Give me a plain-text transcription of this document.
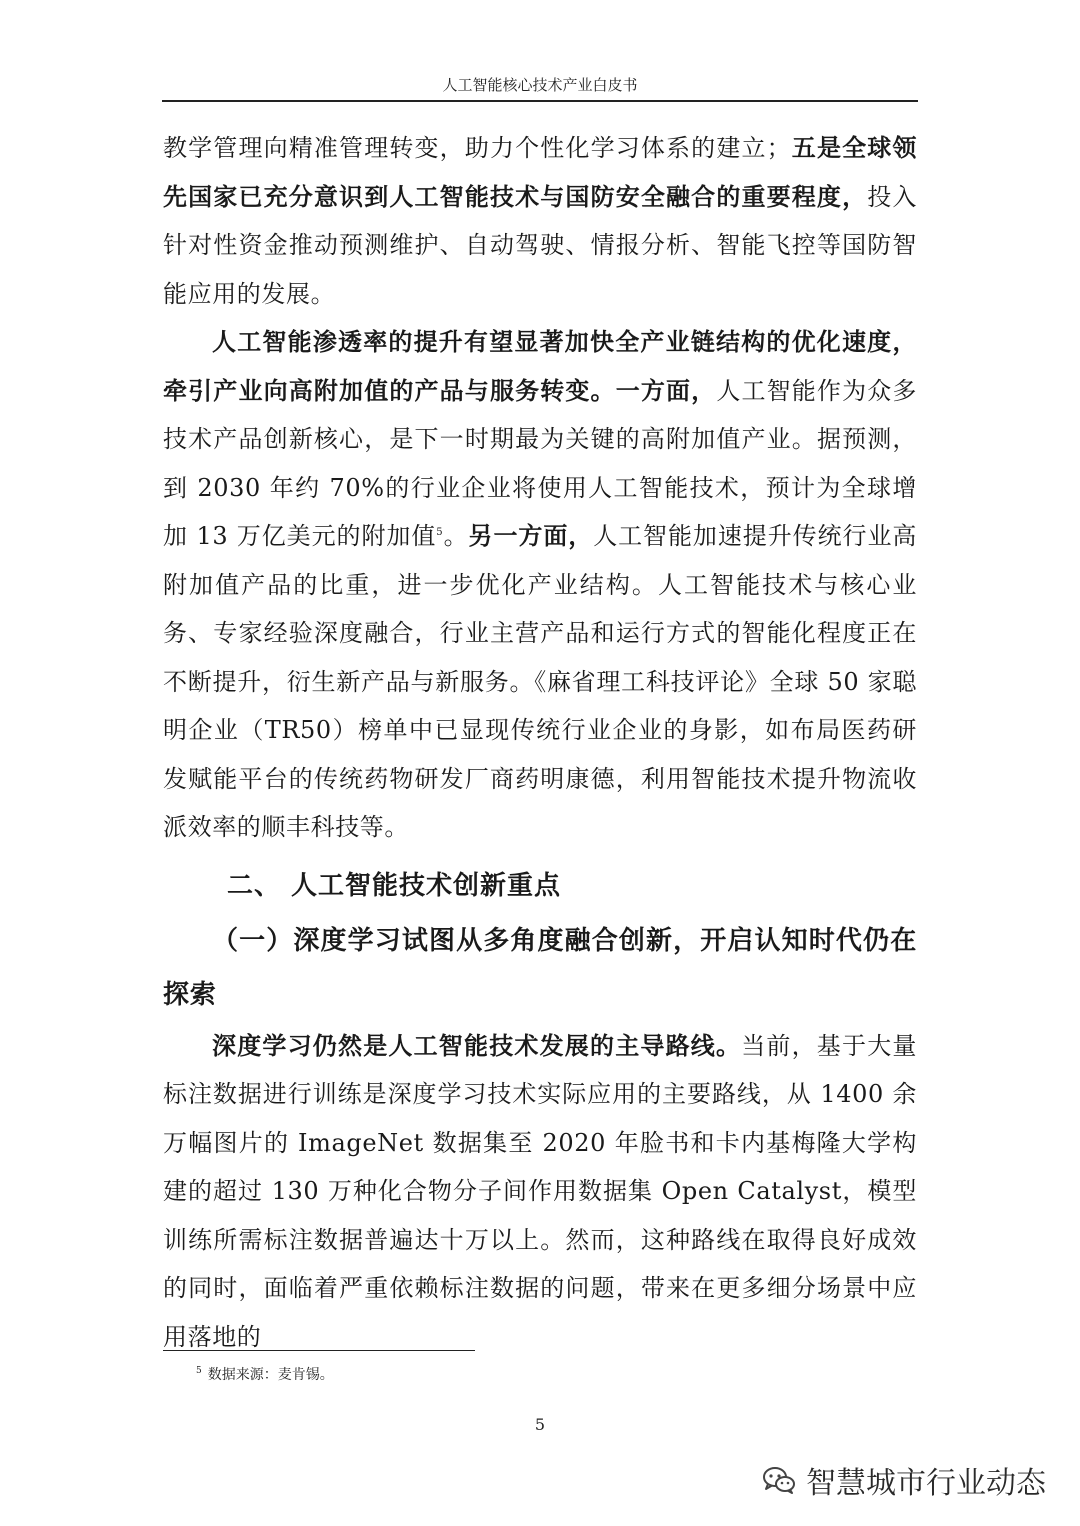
人工智能核心技术产业白皮书

教学管理向精准管理转变，助力个性化学习体系的建立；五是全球领先国家已充分意识到人工智能技术与国防安全融合的重要程度，投入针对性资金推动预测维护、自动驾驶、情报分析、智能飞控等国防智能应用的发展。

人工智能渗透率的提升有望显著加快全产业链结构的优化速度，牵引产业向高附加值的产品与服务转变。一方面，人工智能作为众多技术产品创新核心，是下一时期最为关键的高附加值产业。据预测，到 2030 年约 70%的行业企业将使用人工智能技术，预计为全球增加 13 万亿美元的附加值$^5$。另一方面，人工智能加速提升传统行业高附加值产品的比重，进一步优化产业结构。人工智能技术与核心业务、专家经验深度融合，行业主营产品和运行方式的智能化程度正在不断提升，衍生新产品与新服务。《麻省理工科技评论》全球 50 家聪明企业（TR50）榜单中已显现传统行业企业的身影，如布局医药研发赋能平台的传统药物研发厂商药明康德，利用智能技术提升物流收派效率的顺丰科技等。

二、 人工智能技术创新重点
（一）深度学习试图从多角度融合创新，开启认知时代仍在探索

深度学习仍然是人工智能技术发展的主导路线。当前，基于大量标注数据进行训练是深度学习技术实际应用的主要路线，从 1400 余万幅图片的 ImageNet 数据集至 2020 年脸书和卡内基梅隆大学构建的超过 130 万种化合物分子间作用数据集 Open Catalyst，模型训练所需标注数据普遍达十万以上。然而，这种路线在取得良好成效的同时，面临着严重依赖标注数据的问题，带来在更多细分场景中应用落地的

$^5$ 数据来源：麦肯锡。
5
智慧城市行业动态
